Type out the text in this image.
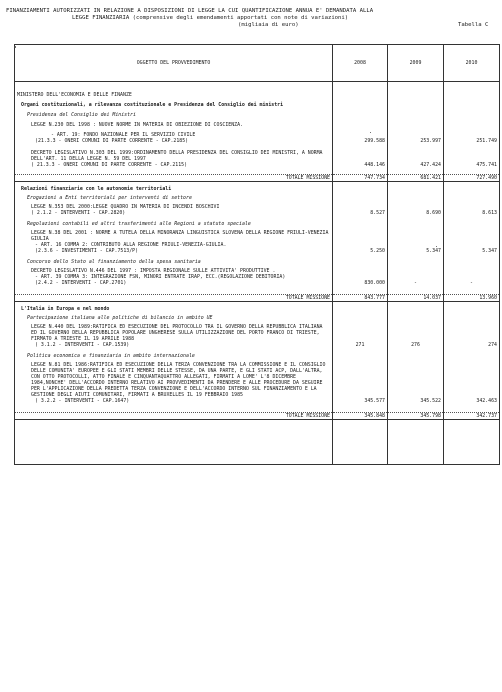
FINANZIAMENTI AUTORIZZATI IN RELAZIONE A DISPOSIZIONI DI LEGGE LA CUI QUANTIFICAZIONE ANNUA E' DEMANDATA ALLA

LEGGE FINANZIARIA (comprensive degli emendamenti apportati con note di variazioni)

(migliaia di euro)

	Tabella C

OGGETTO DEL PROVVEDIMENTO	2008	2009	2010

MINISTERO DELL'ECONOMIA E DELLE FINANZE			

Organi costituzionali, a rilevanza costituzionale e Presidenza del Consiglio dei ministri			

Presidenza del Consiglio dei Ministri			

LEGGE N.230 DEL 1998 : NUOVE NORME IN MATERIA DI OBIEZIONE DI COSCIENZA.
- ART. 19: FONDO NAZIONALE PER IL SERVIZIO CIVILE
(21.3.3 - ONERI COMUNI DI PARTE CORRENTE - CAP.2185)	299.588	253.997	251.749

DECRETO LEGISLATIVO N.303 DEL 1999:ORDINAMENTO DELLA PRESIDENZA DEL CONSIGLIO DEI MINISTRI, A NORMA DELL'ART. 11 DELLA LEGGE N. 59 DEL 1997
( 21.3.3 - ONERI COMUNI DI PARTE CORRENTE - CAP.2115)	448.146	427.424	475.741

TOTALE MISSIONE	747.734	681.421	727.490

Relazioni finanziarie con le autonomie territoriali			

Erogazioni a Enti territoriali per interventi di settore			

LEGGE N.353 DEL 2000:LEGGE QUADRO IN MATERIA DI INCENDI BOSCHIVI
( 2.1.2 - INTERVENTI - CAP.2820)	8.527	8.690	8.613

Regolazioni contabili ed altri trasferimenti alle Regioni a statuto speciale			

LEGGE N.38 DEL 2001 : NORME A TUTELA DELLA MINORANZA LINGUISTICA SLOVENA DELLA REGIONE FRIULI-VENEZIA GIULIA
- ART. 16 COMMA 2: CONTRIBUTO ALLA REGIONE FRIULI-VENEZIA-GIULIA.
(2.3.6 - INVESTIMENTI - CAP.7513/P)	5.250	5.347	5.347

Concorso dello Stato al finanziamento della spesa sanitaria			

DECRETO LEGISLATIVO N.446 DEL 1997 : IMPOSTA REGIONALE SULLE ATTIVITA' PRODUTTIVE .
- ART. 39 COMMA 3: INTEGRAZIONE FSN, MINORI ENTRATE IRAP, ECC.(REGOLAZIONE DEBITORIA)
(2.4.2 - INTERVENTI - CAP.2701)	830.000	-	-

TOTALE MISSIONE	843.777	14.037	13.960

L'Italia in Europa e nel mondo			

Partecipazione italiana alle politiche di bilancio in ambito UE			

LEGGE N.440 DEL 1989:RATIFICA ED ESECUZIONE DEL PROTOCOLLO TRA IL GOVERNO DELLA REPUBBLICA ITALIANA ED IL GOVERNO DELLA REPUBBLICA POPOLARE UNGHERESE SULLA UTILIZZAZIONE DEL PORTO FRANCO DI TRIESTE, FIRMATO A TRIESTE IL 19 APRILE 1988
( 3.1.2 - INTERVENTI - CAP.1539)	271	276	274

Politica economica e finanziaria in ambito internazionale			

LEGGE N.81 DEL 1986:RATIFICA ED ESECUZIONE DELLA TERZA CONVENZIONE TRA LA COMMISSIONE E IL CONSIGLIO DELLE COMUNITA' EUROPEE E GLI STATI MEMBRI DELLE STESSE, DA UNA PARTE, E GLI STATI ACP, DALL'ALTRA, CON OTTO PROTOCOLLI, ATTO FINALE E CINQUANTAQUATTRO ALLEGATI, FIRMATI A LOME' L'8 DICEMBRE 1984,NONCHE' DELL'ACCORDO INTERNO RELATIVO AI PROVVEDIMENTI DA PRENDERE E ALLE PROCEDURE DA SEGUIRE PER L'APPLICAZIONE DELLA PREDETTA TERZA CONVENZIONE E DELL'ACCORDO INTERNO SUL FINANZIAMENTO E LA GESTIONE DEGLI AIUTI COMUNITARI, FIRMATI A BRUXELLES IL 19 FEBBRAIO 1985
( 3.2.2 - INTERVENTI - CAP.1647)	345.577	345.522	342.463

TOTALE MISSIONE	345.848	345.798	342.737
